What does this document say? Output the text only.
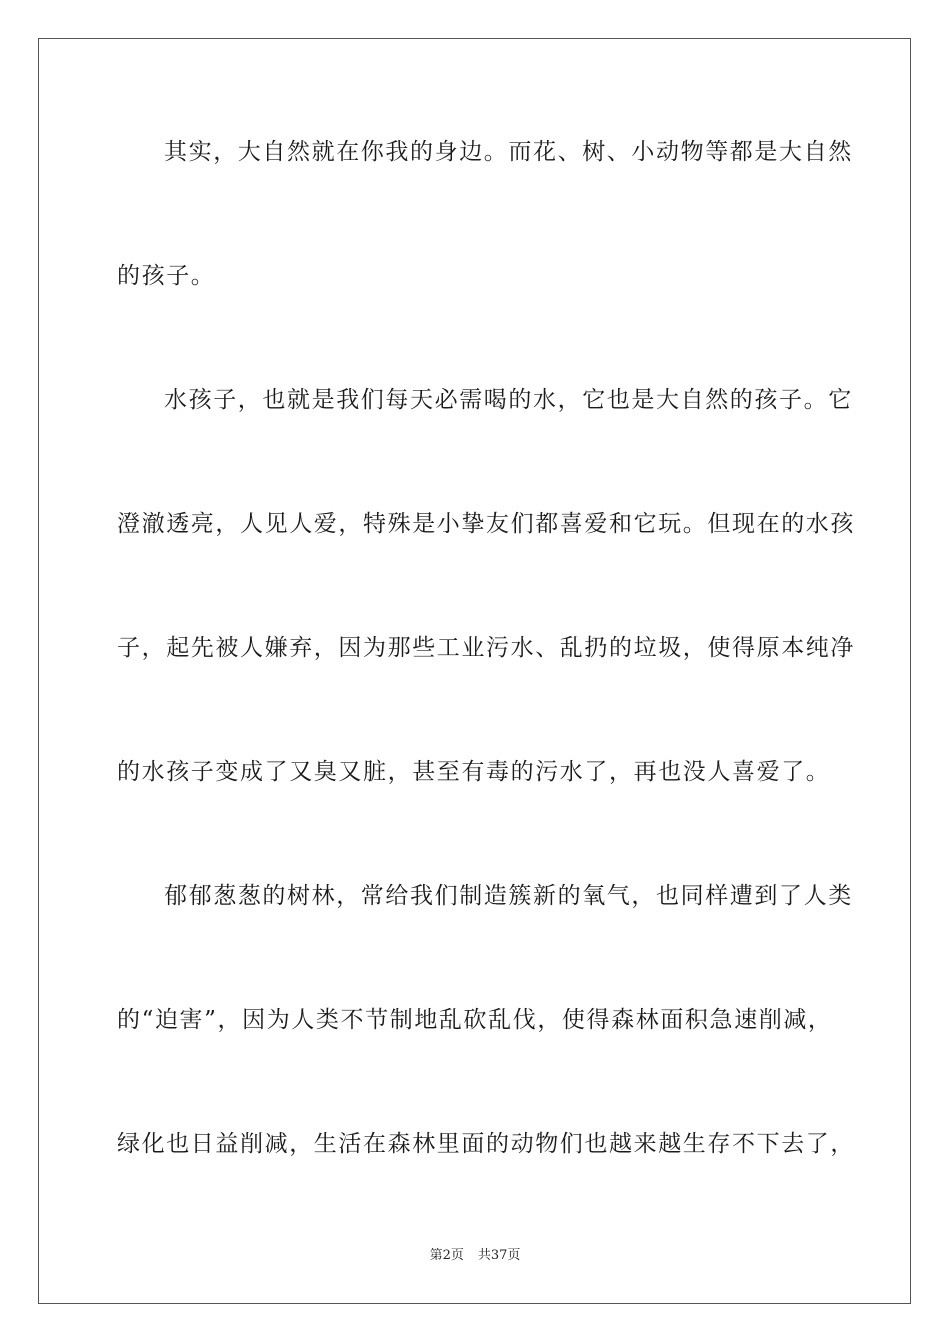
其实，大自然就在你我的身边。而花、树、小动物等都是大自然
的孩子。
水孩子，也就是我们每天必需喝的水，它也是大自然的孩子。它
澄澈透亮，人见人爱，特殊是小挚友们都喜爱和它玩。但现在的水孩
子，起先被人嫌弃，因为那些工业污水、乱扔的垃圾，使得原本纯净
的水孩子变成了又臭又脏，甚至有毒的污水了，再也没人喜爱了。
郁郁葱葱的树林，常给我们制造簇新的氧气，也同样遭到了人类
的“迫害”，因为人类不节制地乱砍乱伐，使得森林面积急速削减，
绿化也日益削减，生活在森林里面的动物们也越来越生存不下去了，
第2页 共37页
